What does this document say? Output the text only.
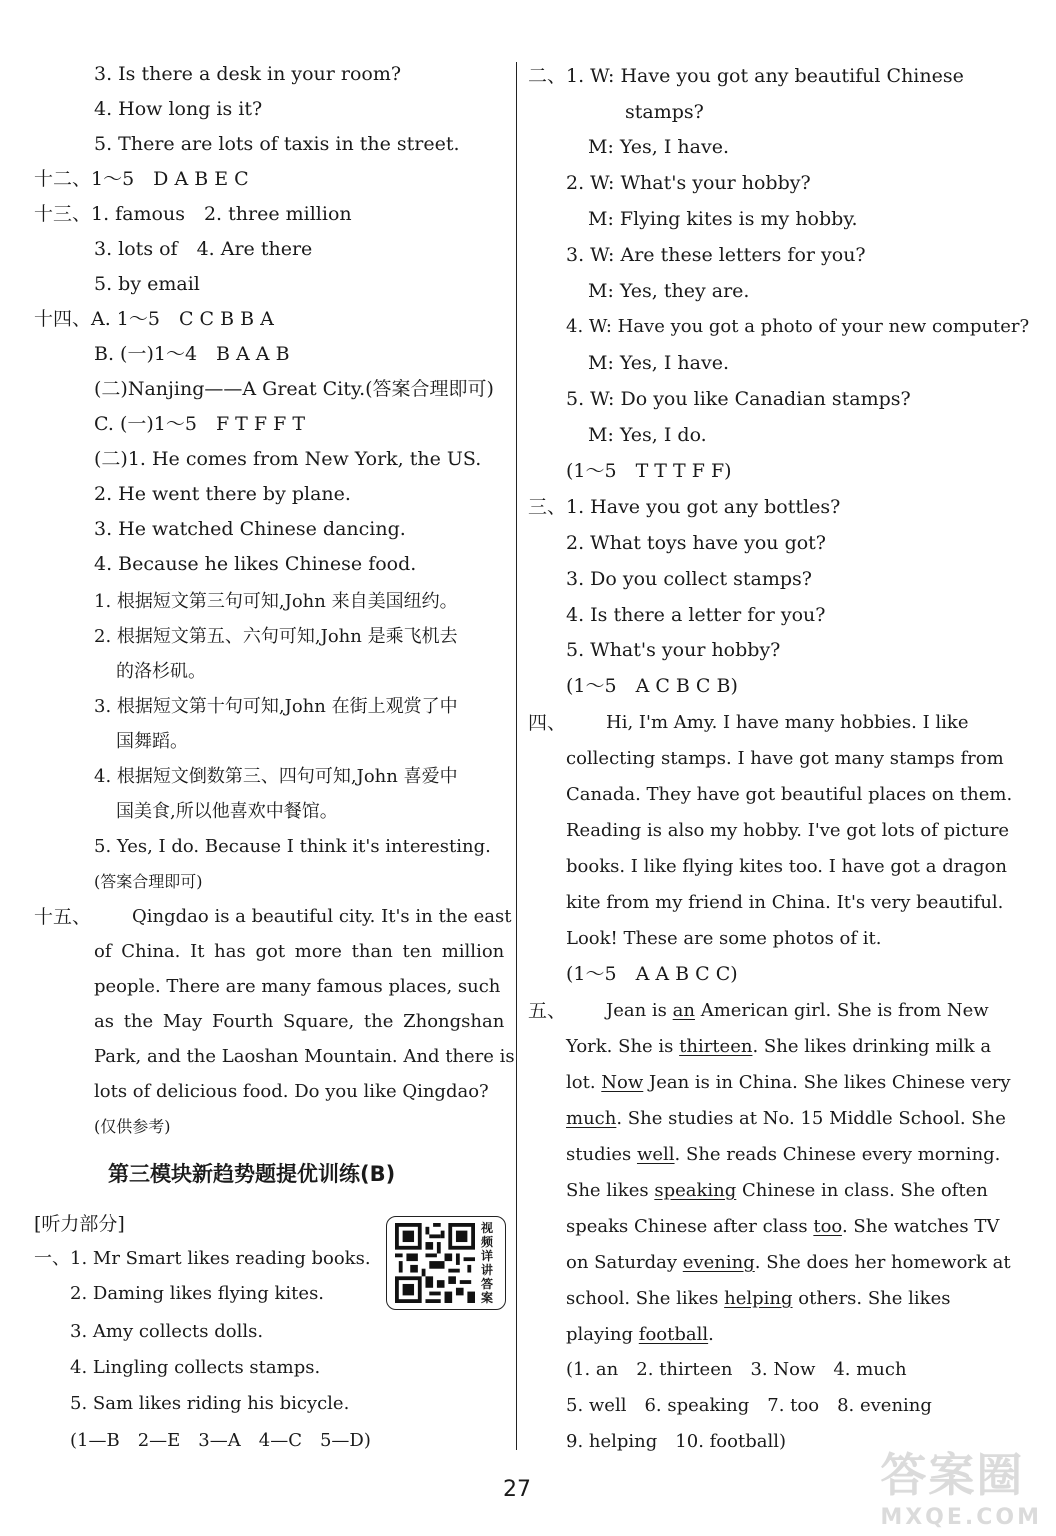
3. Is there a desk in your room?
4. How long is it?
5. There are lots of taxis in the street.
十二、1～5　D A B E C
十三、1. famous　2. three million
3. lots of　4. Are there
5. by email
十四、A. 1～5　C C B B A
B. (一)1～4　B A A B
(二)Nanjing——A Great City.(答案合理即可)
C. (一)1～5　F T F F T
(二)1. He comes from New York, the US.
2. He went there by plane.
3. He watched Chinese dancing.
4. Because he likes Chinese food.
1. 根据短文第三句可知,John 来自美国纽约。
2. 根据短文第五、六句可知,John 是乘飞机去
的洛杉矶。
3. 根据短文第十句可知,John 在街上观赏了中
国舞蹈。
4. 根据短文倒数第三、四句可知,John 喜爱中
国美食,所以他喜欢中餐馆。
5. Yes, I do. Because I think it's interesting.
(答案合理即可)
十五、 Qingdao is a beautiful city. It's in the east
of China. It has got more than ten million
people. There are many famous places, such
as the May Fourth Square, the Zhongshan
Park, and the Laoshan Mountain. And there is
lots of delicious food. Do you like Qingdao?
(仅供参考)
第三模块新趋势题提优训练(B)
[听力部分]	视频详讲答案
一、1. Mr Smart likes reading books.
2. Daming likes flying kites.
3. Amy collects dolls.
4. Lingling collects stamps.
5. Sam likes riding his bicycle.
(1—B　2—E　3—A　4—C　5—D)
二、1. W: Have you got any beautiful Chinese
stamps?
M: Yes, I have.
2. W: What's your hobby?
M: Flying kites is my hobby.
3. W: Are these letters for you?
M: Yes, they are.
4. W: Have you got a photo of your new computer?
M: Yes, I have.
5. W: Do you like Canadian stamps?
M: Yes, I do.
(1～5　T T T F F)
三、1. Have you got any bottles?
2. What toys have you got?
3. Do you collect stamps?
4. Is there a letter for you?
5. What's your hobby?
(1～5　A C B C B)
四、 Hi, I'm Amy. I have many hobbies. I like
collecting stamps. I have got many stamps from
Canada. They have got beautiful places on them.
Reading is also my hobby. I've got lots of picture
books. I like flying kites too. I have got a dragon
kite from my friend in China. It's very beautiful.
Look! These are some photos of it.
(1～5　A A B C C)
五、 Jean is an American girl. She is from New
York. She is thirteen. She likes drinking milk a
lot. Now Jean is in China. She likes Chinese very
much. She studies at No. 15 Middle School. She
studies well. She reads Chinese every morning.
She likes speaking Chinese in class. She often
speaks Chinese after class too. She watches TV
on Saturday evening. She does her homework at
school. She likes helping others. She likes
playing football.
(1. an　2. thirteen　3. Now　4. much
5. well　6. speaking　7. too　8. evening
9. helping　10. football)
27	答案圈
MXQE.COM
